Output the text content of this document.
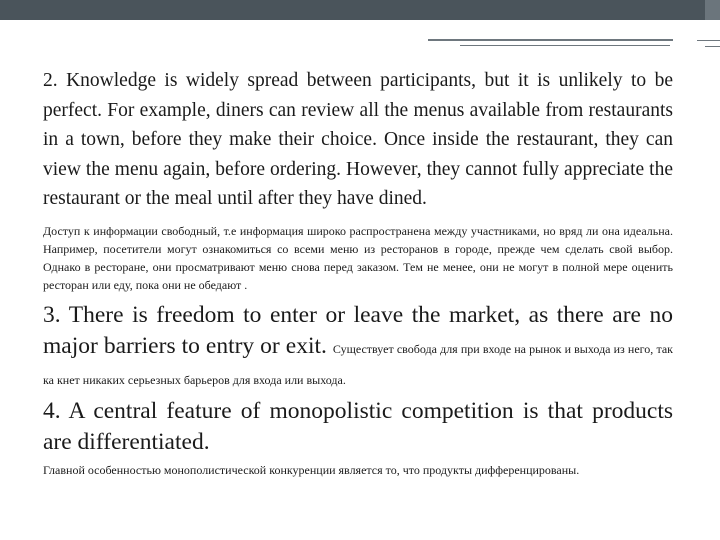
2. Knowledge is widely spread between participants, but it is unlikely to be perfect. For example, diners can review all the menus available from restaurants in a town, before they make their choice. Once inside the restaurant, they can view the menu again, before ordering. However, they cannot fully appreciate the restaurant or the meal until after they have dined.

Доступ к информации свободный, т.е информация широко распространена между участниками, но вряд ли она идеальна. Например, посетители могут ознакомиться со всеми меню из ресторанов в городе, прежде чем сделать свой выбор. Однако в ресторане, они просматривают меню снова перед заказом. Тем не менее, они не могут в полной мере оценить ресторан или еду, пока они не обедают .

3. There is freedom to enter or leave the market, as there are no major barriers to entry or exit. Существует свобода для при входе на рынок и выхода из него, так ка кнет никаких серьезных барьеров для входа или выхода.

4. A central feature of monopolistic competition is that products are differentiated.

Главной особенностью монополистической конкуренции является то, что продукты дифференцированы.
